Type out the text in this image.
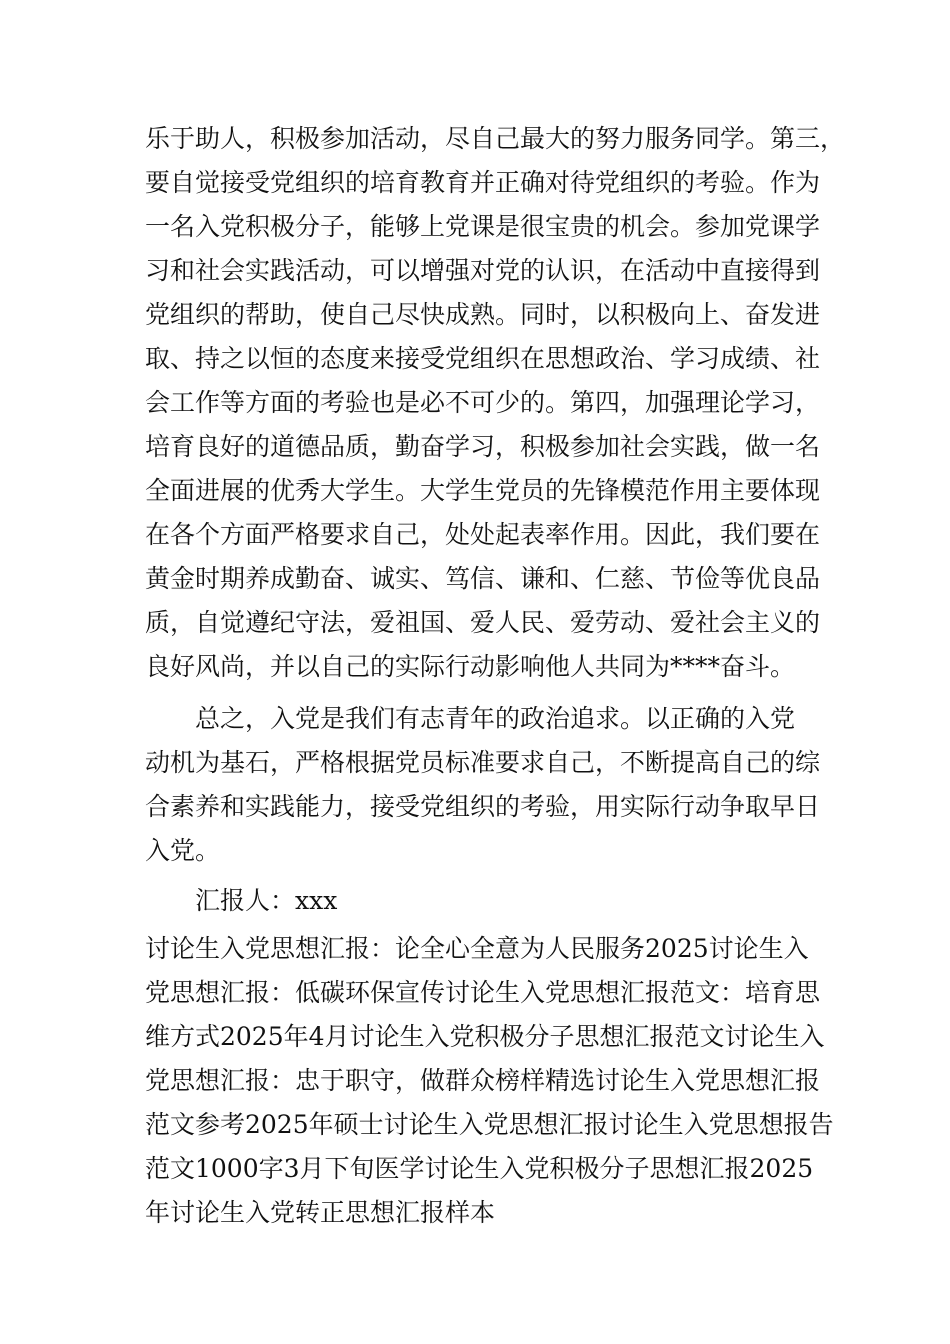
乐于助人，积极参加活动，尽自己最大的努力服务同学。第三，
要自觉接受党组织的培育教育并正确对待党组织的考验。作为
一名入党积极分子，能够上党课是很宝贵的机会。参加党课学
习和社会实践活动，可以增强对党的认识，在活动中直接得到
党组织的帮助，使自己尽快成熟。同时，以积极向上、奋发进
取、持之以恒的态度来接受党组织在思想政治、学习成绩、社
会工作等方面的考验也是必不可少的。第四，加强理论学习，
培育良好的道德品质，勤奋学习，积极参加社会实践，做一名
全面进展的优秀大学生。大学生党员的先锋模范作用主要体现
在各个方面严格要求自己，处处起表率作用。因此，我们要在
黄金时期养成勤奋、诚实、笃信、谦和、仁慈、节俭等优良品
质，自觉遵纪守法，爱祖国、爱人民、爱劳动、爱社会主义的
良好风尚，并以自己的实际行动影响他人共同为****奋斗。
　　总之，入党是我们有志青年的政治追求。以正确的入党
动机为基石，严格根据党员标准要求自己，不断提高自己的综
合素养和实践能力，接受党组织的考验，用实际行动争取早日
入党。
　　汇报人：xxx
讨论生入党思想汇报：论全心全意为人民服务2025讨论生入
党思想汇报：低碳环保宣传讨论生入党思想汇报范文：培育思
维方式2025年4月讨论生入党积极分子思想汇报范文讨论生入
党思想汇报：忠于职守，做群众榜样精选讨论生入党思想汇报
范文参考2025年硕士讨论生入党思想汇报讨论生入党思想报告
范文1000字3月下旬医学讨论生入党积极分子思想汇报2025
年讨论生入党转正思想汇报样本
